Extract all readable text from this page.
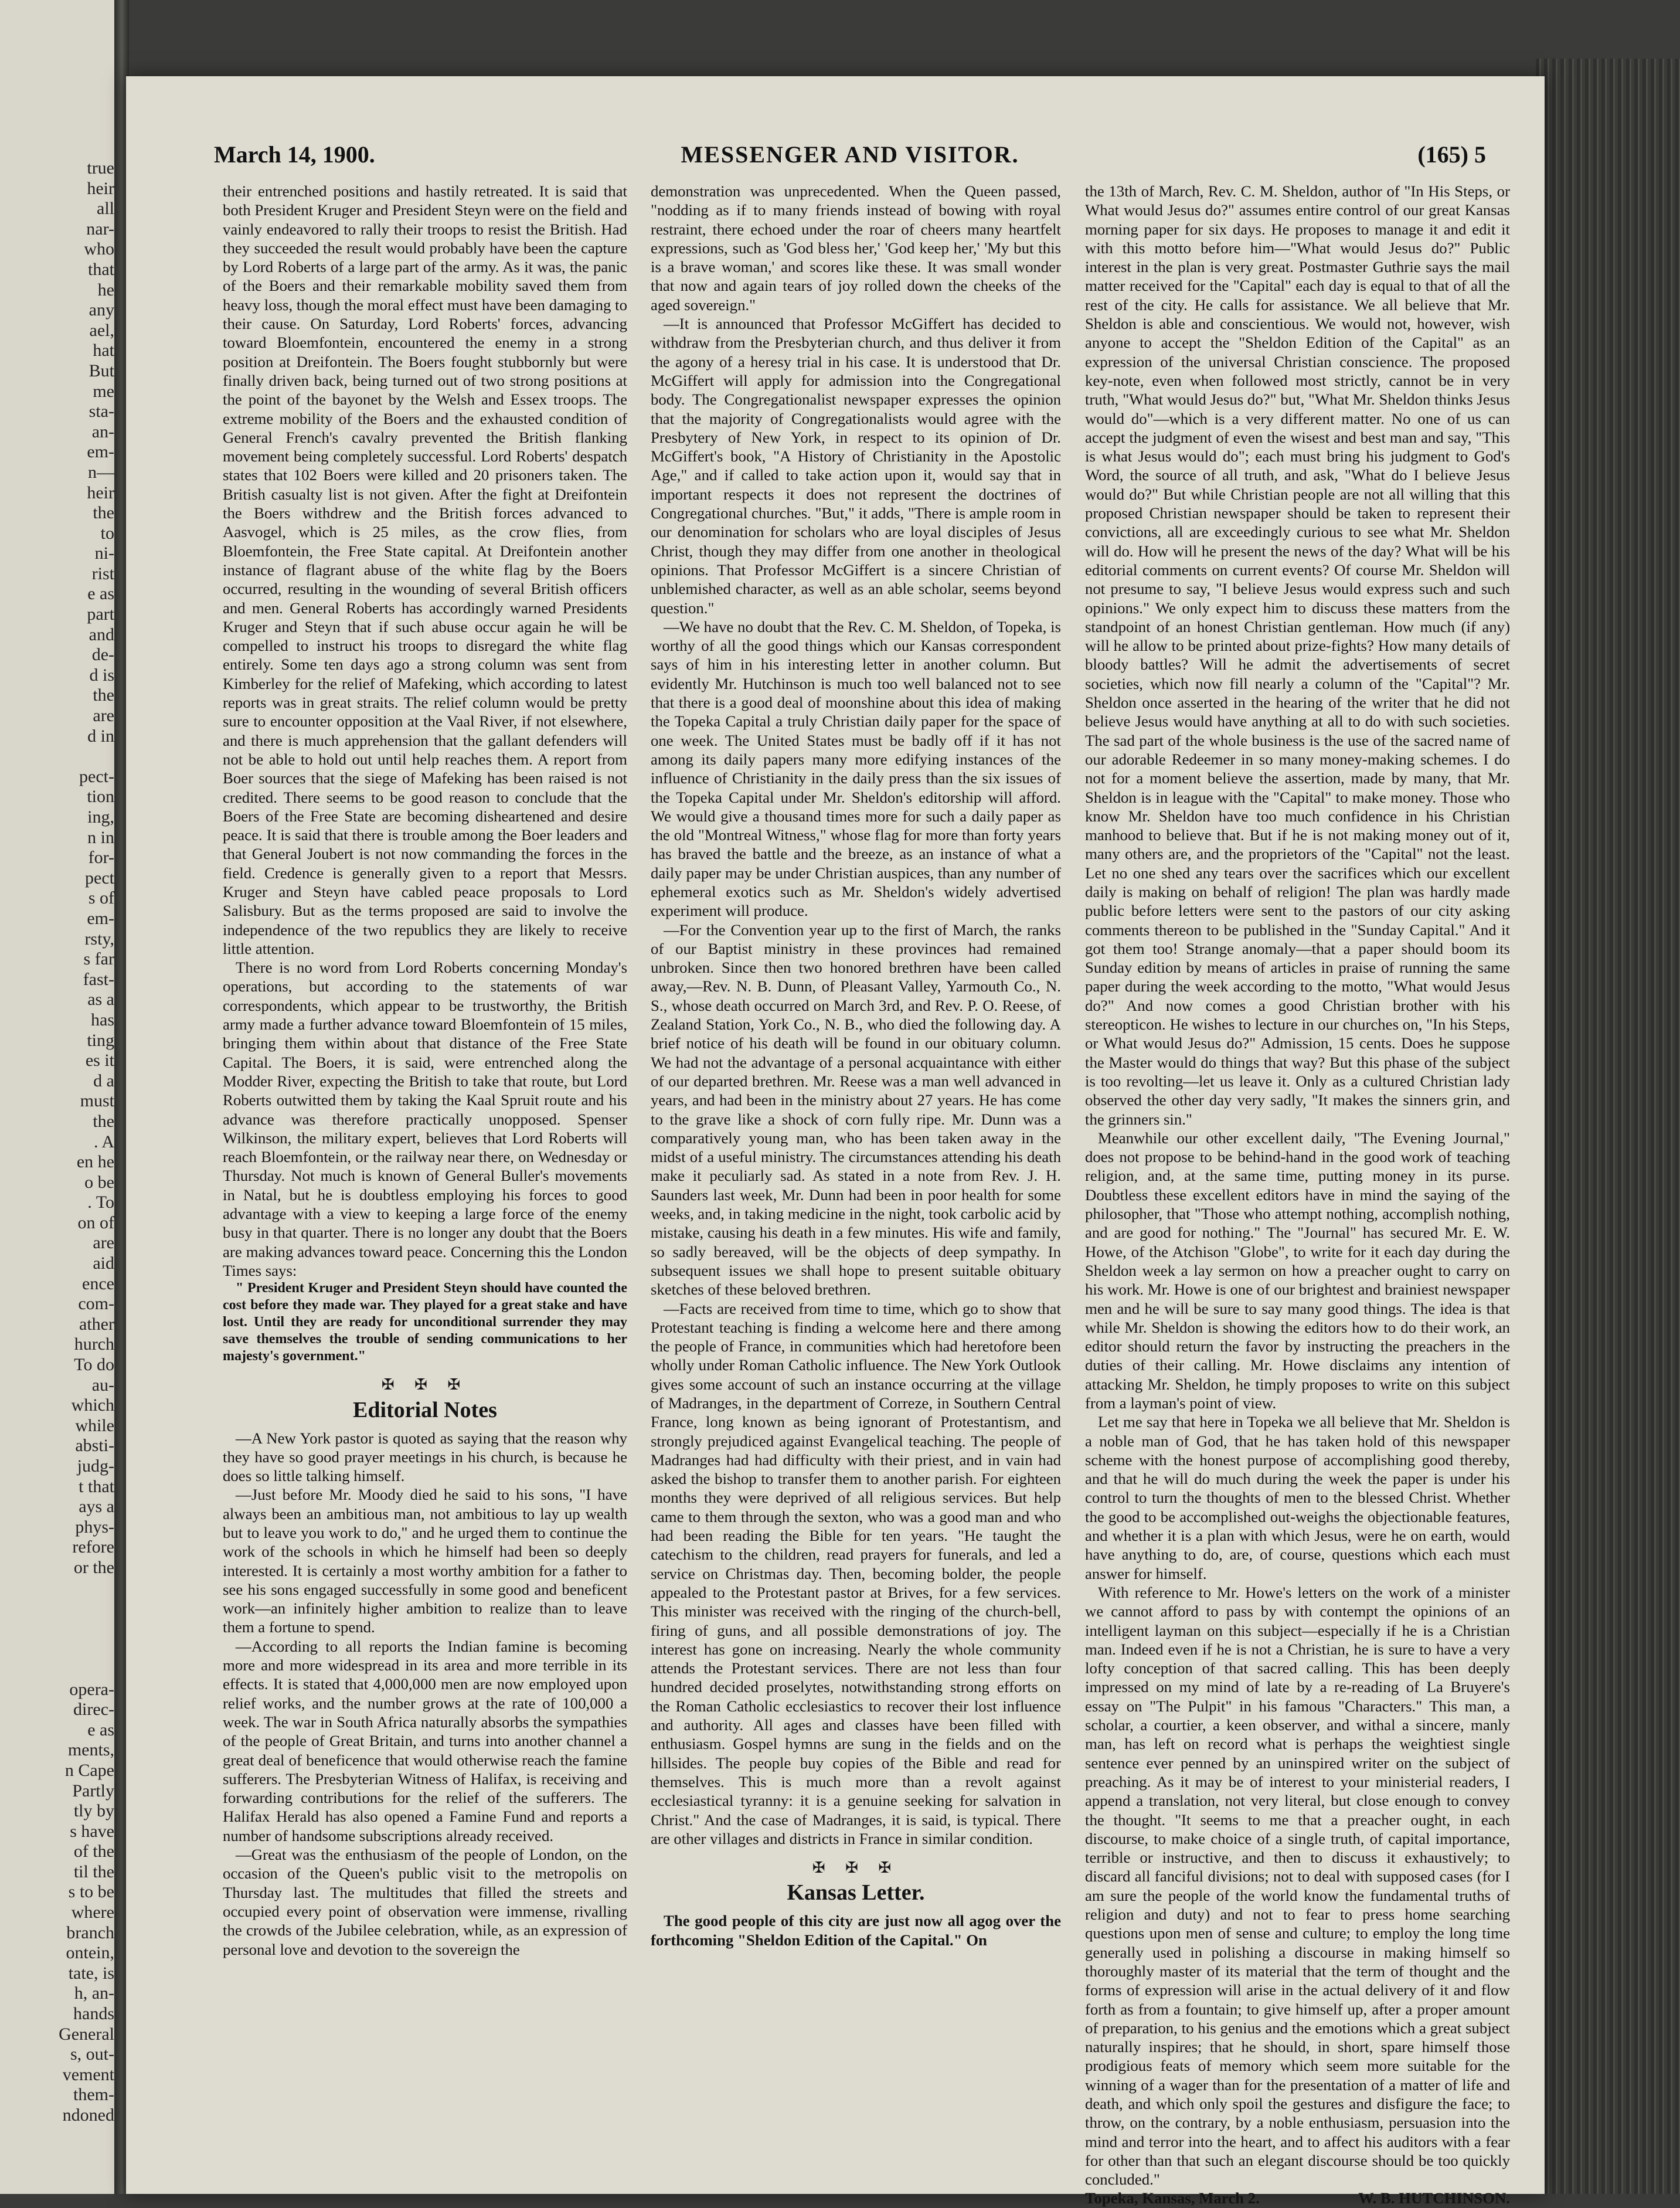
true
heir
all
nar-
who
that
he
any
ael,
hat
But
me
sta-
an-
em-
n—
heir
the
to
ni-
rist
e as
part
and
de-
d is
the
are
d in

pect-
tion
ing,
n in
for-
pect
s of
em-
rsty,
s far
fast-
as a
has
ting
es it
d a
must
the
. A
en he
o be
. To
on of
are
aid
ence
com-
ather
hurch
To do
au-
which
while
absti-
judg-
t that
ays a
phys-
refore
or the

opera-
direc-
e as
ments,
n Cape
Partly
tly by
s have
of the
til the
s to be
where
branch
ontein,
tate, is
h, an-
hands
General
s, out-
vement
them-
ndoned
March 14, 1900.	MESSENGER AND VISITOR.	(165) 5

their entrenched positions and hastily retreated. It is said that both President Kruger and President Steyn were on the field and vainly endeavored to rally their troops to resist the British. Had they succeeded the result would probably have been the capture by Lord Roberts of a large part of the army. As it was, the panic of the Boers and their remarkable mobility saved them from heavy loss, though the moral effect must have been damaging to their cause. On Saturday, Lord Roberts' forces, advancing toward Bloemfontein, encountered the enemy in a strong position at Dreifontein. The Boers fought stubbornly but were finally driven back, being turned out of two strong positions at the point of the bayonet by the Welsh and Essex troops. The extreme mobility of the Boers and the exhausted condition of General French's cavalry prevented the British flanking movement being completely successful. Lord Roberts' despatch states that 102 Boers were killed and 20 prisoners taken. The British casualty list is not given. After the fight at Dreifontein the Boers withdrew and the British forces advanced to Aasvogel, which is 25 miles, as the crow flies, from Bloemfontein, the Free State capital. At Dreifontein another instance of flagrant abuse of the white flag by the Boers occurred, resulting in the wounding of several British officers and men. General Roberts has accordingly warned Presidents Kruger and Steyn that if such abuse occur again he will be compelled to instruct his troops to disregard the white flag entirely. Some ten days ago a strong column was sent from Kimberley for the relief of Mafeking, which according to latest reports was in great straits. The relief column would be pretty sure to encounter opposition at the Vaal River, if not elsewhere, and there is much apprehension that the gallant defenders will not be able to hold out until help reaches them. A report from Boer sources that the siege of Mafeking has been raised is not credited. There seems to be good reason to conclude that the Boers of the Free State are becoming disheartened and desire peace. It is said that there is trouble among the Boer leaders and that General Joubert is not now commanding the forces in the field. Credence is generally given to a report that Messrs. Kruger and Steyn have cabled peace proposals to Lord Salisbury. But as the terms proposed are said to involve the independence of the two republics they are likely to receive little attention.

There is no word from Lord Roberts concerning Monday's operations, but according to the statements of war correspondents, which appear to be trustworthy, the British army made a further advance toward Bloemfontein of 15 miles, bringing them within about that distance of the Free State Capital. The Boers, it is said, were entrenched along the Modder River, expecting the British to take that route, but Lord Roberts outwitted them by taking the Kaal Spruit route and his advance was therefore practically unopposed. Spenser Wilkinson, the military expert, believes that Lord Roberts will reach Bloemfontein, or the railway near there, on Wednesday or Thursday. Not much is known of General Buller's movements in Natal, but he is doubtless employing his forces to good advantage with a view to keeping a large force of the enemy busy in that quarter. There is no longer any doubt that the Boers are making advances toward peace. Concerning this the London Times says:

" President Kruger and President Steyn should have counted the cost before they made war. They played for a great stake and have lost. Until they are ready for unconditional surrender they may save themselves the trouble of sending communications to her majesty's government."

✠ ✠ ✠
Editorial Notes

—A New York pastor is quoted as saying that the reason why they have so good prayer meetings in his church, is because he does so little talking himself.

—Just before Mr. Moody died he said to his sons, "I have always been an ambitious man, not ambitious to lay up wealth but to leave you work to do," and he urged them to continue the work of the schools in which he himself had been so deeply interested. It is certainly a most worthy ambition for a father to see his sons engaged successfully in some good and beneficent work—an infinitely higher ambition to realize than to leave them a fortune to spend.

—According to all reports the Indian famine is becoming more and more widespread in its area and more terrible in its effects. It is stated that 4,000,000 men are now employed upon relief works, and the number grows at the rate of 100,000 a week. The war in South Africa naturally absorbs the sympathies of the people of Great Britain, and turns into another channel a great deal of beneficence that would otherwise reach the famine sufferers. The Presbyterian Witness of Halifax, is receiving and forwarding contributions for the relief of the sufferers. The Halifax Herald has also opened a Famine Fund and reports a number of handsome subscriptions already received.

—Great was the enthusiasm of the people of London, on the occasion of the Queen's public visit to the metropolis on Thursday last. The multitudes that filled the streets and occupied every point of observation were immense, rivalling the crowds of the Jubilee celebration, while, as an expression of personal love and devotion to the sovereign the

demonstration was unprecedented. When the Queen passed, "nodding as if to many friends instead of bowing with royal restraint, there echoed under the roar of cheers many heartfelt expressions, such as 'God bless her,' 'God keep her,' 'My but this is a brave woman,' and scores like these. It was small wonder that now and again tears of joy rolled down the cheeks of the aged sovereign."

—It is announced that Professor McGiffert has decided to withdraw from the Presbyterian church, and thus deliver it from the agony of a heresy trial in his case. It is understood that Dr. McGiffert will apply for admission into the Congregational body. The Congregationalist newspaper expresses the opinion that the majority of Congregationalists would agree with the Presbytery of New York, in respect to its opinion of Dr. McGiffert's book, "A History of Christianity in the Apostolic Age," and if called to take action upon it, would say that in important respects it does not represent the doctrines of Congregational churches. "But," it adds, "There is ample room in our denomination for scholars who are loyal disciples of Jesus Christ, though they may differ from one another in theological opinions. That Professor McGiffert is a sincere Christian of unblemished character, as well as an able scholar, seems beyond question."

—We have no doubt that the Rev. C. M. Sheldon, of Topeka, is worthy of all the good things which our Kansas correspondent says of him in his interesting letter in another column. But evidently Mr. Hutchinson is much too well balanced not to see that there is a good deal of moonshine about this idea of making the Topeka Capital a truly Christian daily paper for the space of one week. The United States must be badly off if it has not among its daily papers many more edifying instances of the influence of Christianity in the daily press than the six issues of the Topeka Capital under Mr. Sheldon's editorship will afford. We would give a thousand times more for such a daily paper as the old "Montreal Witness," whose flag for more than forty years has braved the battle and the breeze, as an instance of what a daily paper may be under Christian auspices, than any number of ephemeral exotics such as Mr. Sheldon's widely advertised experiment will produce.

—For the Convention year up to the first of March, the ranks of our Baptist ministry in these provinces had remained unbroken. Since then two honored brethren have been called away,—Rev. N. B. Dunn, of Pleasant Valley, Yarmouth Co., N. S., whose death occurred on March 3rd, and Rev. P. O. Reese, of Zealand Station, York Co., N. B., who died the following day. A brief notice of his death will be found in our obituary column. We had not the advantage of a personal acquaintance with either of our departed brethren. Mr. Reese was a man well advanced in years, and had been in the ministry about 27 years. He has come to the grave like a shock of corn fully ripe. Mr. Dunn was a comparatively young man, who has been taken away in the midst of a useful ministry. The circumstances attending his death make it peculiarly sad. As stated in a note from Rev. J. H. Saunders last week, Mr. Dunn had been in poor health for some weeks, and, in taking medicine in the night, took carbolic acid by mistake, causing his death in a few minutes. His wife and family, so sadly bereaved, will be the objects of deep sympathy. In subsequent issues we shall hope to present suitable obituary sketches of these beloved brethren.

—Facts are received from time to time, which go to show that Protestant teaching is finding a welcome here and there among the people of France, in communities which had heretofore been wholly under Roman Catholic influence. The New York Outlook gives some account of such an instance occurring at the village of Madranges, in the department of Correze, in Southern Central France, long known as being ignorant of Protestantism, and strongly prejudiced against Evangelical teaching. The people of Madranges had had difficulty with their priest, and in vain had asked the bishop to transfer them to another parish. For eighteen months they were deprived of all religious services. But help came to them through the sexton, who was a good man and who had been reading the Bible for ten years. "He taught the catechism to the children, read prayers for funerals, and led a service on Christmas day. Then, becoming bolder, the people appealed to the Protestant pastor at Brives, for a few services. This minister was received with the ringing of the church-bell, firing of guns, and all possible demonstrations of joy. The interest has gone on increasing. Nearly the whole community attends the Protestant services. There are not less than four hundred decided proselytes, notwithstanding strong efforts on the Roman Catholic ecclesiastics to recover their lost influence and authority. All ages and classes have been filled with enthusiasm. Gospel hymns are sung in the fields and on the hillsides. The people buy copies of the Bible and read for themselves. This is much more than a revolt against ecclesiastical tyranny: it is a genuine seeking for salvation in Christ." And the case of Madranges, it is said, is typical. There are other villages and districts in France in similar condition.

✠ ✠ ✠
Kansas Letter.

The good people of this city are just now all agog over the forthcoming "Sheldon Edition of the Capital." On

the 13th of March, Rev. C. M. Sheldon, author of "In His Steps, or What would Jesus do?" assumes entire control of our great Kansas morning paper for six days. He proposes to manage it and edit it with this motto before him—"What would Jesus do?" Public interest in the plan is very great. Postmaster Guthrie says the mail matter received for the "Capital" each day is equal to that of all the rest of the city. He calls for assistance. We all believe that Mr. Sheldon is able and conscientious. We would not, however, wish anyone to accept the "Sheldon Edition of the Capital" as an expression of the universal Christian conscience. The proposed key-note, even when followed most strictly, cannot be in very truth, "What would Jesus do?" but, "What Mr. Sheldon thinks Jesus would do"—which is a very different matter. No one of us can accept the judgment of even the wisest and best man and say, "This is what Jesus would do"; each must bring his judgment to God's Word, the source of all truth, and ask, "What do I believe Jesus would do?" But while Christian people are not all willing that this proposed Christian newspaper should be taken to represent their convictions, all are exceedingly curious to see what Mr. Sheldon will do. How will he present the news of the day? What will be his editorial comments on current events? Of course Mr. Sheldon will not presume to say, "I believe Jesus would express such and such opinions." We only expect him to discuss these matters from the standpoint of an honest Christian gentleman. How much (if any) will he allow to be printed about prize-fights? How many details of bloody battles? Will he admit the advertisements of secret societies, which now fill nearly a column of the "Capital"? Mr. Sheldon once asserted in the hearing of the writer that he did not believe Jesus would have anything at all to do with such societies. The sad part of the whole business is the use of the sacred name of our adorable Redeemer in so many money-making schemes. I do not for a moment believe the assertion, made by many, that Mr. Sheldon is in league with the "Capital" to make money. Those who know Mr. Sheldon have too much confidence in his Christian manhood to believe that. But if he is not making money out of it, many others are, and the proprietors of the "Capital" not the least. Let no one shed any tears over the sacrifices which our excellent daily is making on behalf of religion! The plan was hardly made public before letters were sent to the pastors of our city asking comments thereon to be published in the "Sunday Capital." And it got them too! Strange anomaly—that a paper should boom its Sunday edition by means of articles in praise of running the same paper during the week according to the motto, "What would Jesus do?" And now comes a good Christian brother with his stereopticon. He wishes to lecture in our churches on, "In his Steps, or What would Jesus do?" Admission, 15 cents. Does he suppose the Master would do things that way? But this phase of the subject is too revolting—let us leave it. Only as a cultured Christian lady observed the other day very sadly, "It makes the sinners grin, and the grinners sin."

Meanwhile our other excellent daily, "The Evening Journal," does not propose to be behind-hand in the good work of teaching religion, and, at the same time, putting money in its purse. Doubtless these excellent editors have in mind the saying of the philosopher, that "Those who attempt nothing, accomplish nothing, and are good for nothing." The "Journal" has secured Mr. E. W. Howe, of the Atchison "Globe", to write for it each day during the Sheldon week a lay sermon on how a preacher ought to carry on his work. Mr. Howe is one of our brightest and brainiest newspaper men and he will be sure to say many good things. The idea is that while Mr. Sheldon is showing the editors how to do their work, an editor should return the favor by instructing the preachers in the duties of their calling. Mr. Howe disclaims any intention of attacking Mr. Sheldon, he timply proposes to write on this subject from a layman's point of view.

Let me say that here in Topeka we all believe that Mr. Sheldon is a noble man of God, that he has taken hold of this newspaper scheme with the honest purpose of accomplishing good thereby, and that he will do much during the week the paper is under his control to turn the thoughts of men to the blessed Christ. Whether the good to be accomplished out-weighs the objectionable features, and whether it is a plan with which Jesus, were he on earth, would have anything to do, are, of course, questions which each must answer for himself.

With reference to Mr. Howe's letters on the work of a minister we cannot afford to pass by with contempt the opinions of an intelligent layman on this subject—especially if he is a Christian man. Indeed even if he is not a Christian, he is sure to have a very lofty conception of that sacred calling. This has been deeply impressed on my mind of late by a re-reading of La Bruyere's essay on "The Pulpit" in his famous "Characters." This man, a scholar, a courtier, a keen observer, and withal a sincere, manly man, has left on record what is perhaps the weightiest single sentence ever penned by an uninspired writer on the subject of preaching. As it may be of interest to your ministerial readers, I append a translation, not very literal, but close enough to convey the thought. "It seems to me that a preacher ought, in each discourse, to make choice of a single truth, of capital importance, terrible or instructive, and then to discuss it exhaustively; to discard all fanciful divisions; not to deal with supposed cases (for I am sure the people of the world know the fundamental truths of religion and duty) and not to fear to press home searching questions upon men of sense and culture; to employ the long time generally used in polishing a discourse in making himself so thoroughly master of its material that the term of thought and the forms of expression will arise in the actual delivery of it and flow forth as from a fountain; to give himself up, after a proper amount of preparation, to his genius and the emotions which a great subject naturally inspires; that he should, in short, spare himself those prodigious feats of memory which seem more suitable for the winning of a wager than for the presentation of a matter of life and death, and which only spoil the gestures and disfigure the face; to throw, on the contrary, by a noble enthusiasm, persuasion into the mind and terror into the heart, and to affect his auditors with a fear for other than that such an elegant discourse should be too quickly concluded."

Topeka, Kansas, March 2.	W. B. HUTCHINSON.
